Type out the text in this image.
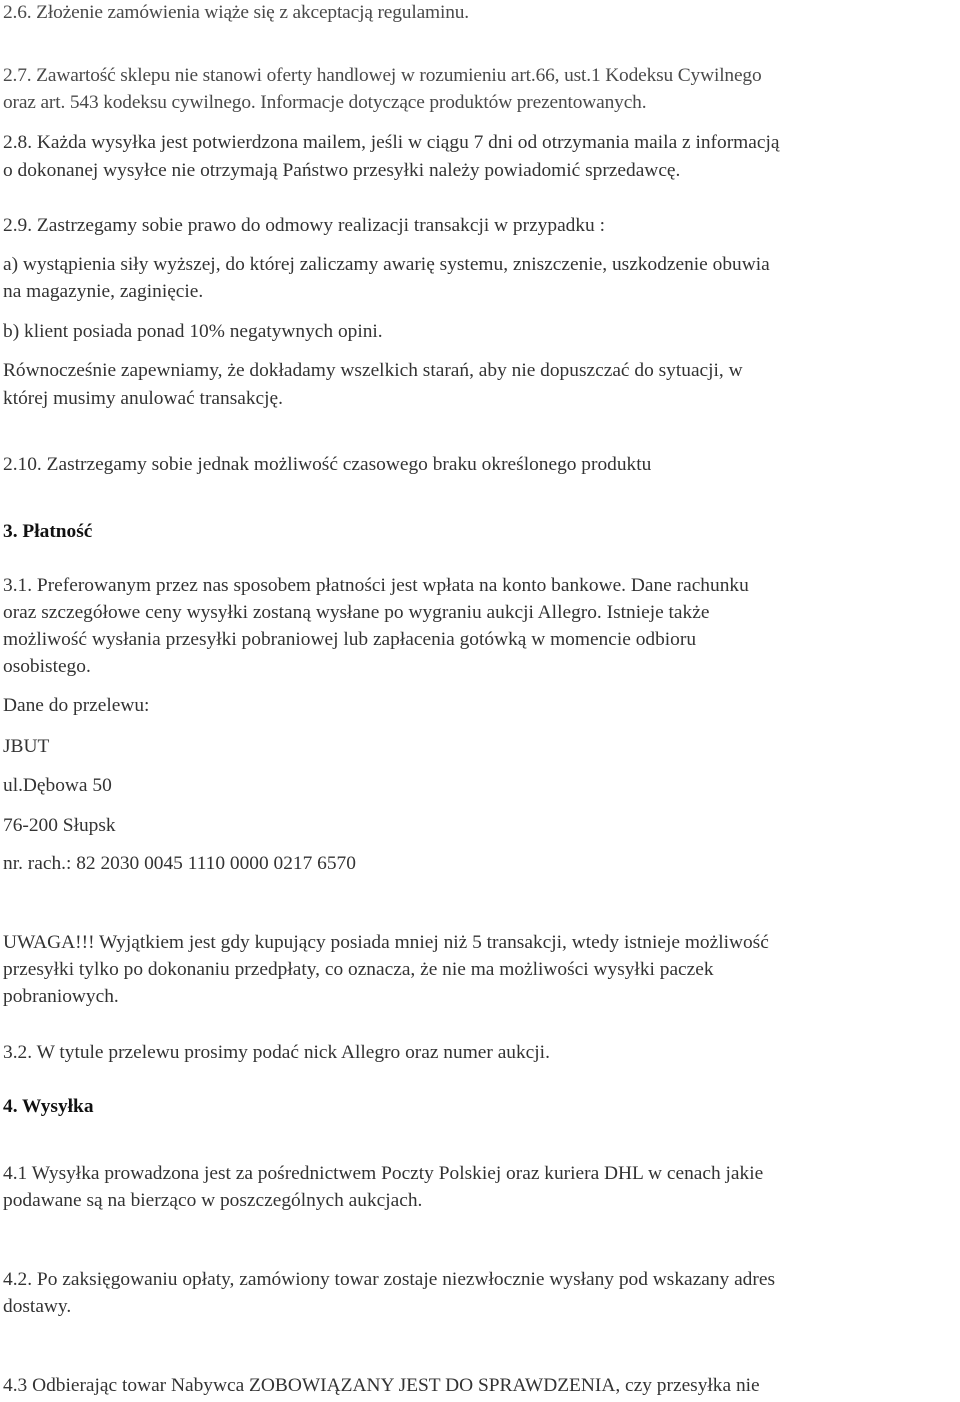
2.6. Złożenie zamówienia wiąże się z akceptacją regulaminu.
2.7. Zawartość sklepu nie stanowi oferty handlowej w rozumieniu art.66, ust.1 Kodeksu Cywilnego
oraz art. 543 kodeksu cywilnego. Informacje dotyczące produktów prezentowanych.
2.8. Każda wysyłka jest potwierdzona mailem, jeśli w ciągu 7 dni od otrzymania maila z informacją
o dokonanej wysyłce nie otrzymają Państwo przesyłki należy powiadomić sprzedawcę.
2.9. Zastrzegamy sobie prawo do odmowy realizacji transakcji w przypadku :
a) wystąpienia siły wyższej, do której zaliczamy awarię systemu, zniszczenie, uszkodzenie obuwia
na magazynie, zaginięcie.
b) klient posiada ponad 10% negatywnych opini.
Równocześnie zapewniamy, że dokładamy wszelkich starań, aby nie dopuszczać do sytuacji, w
której musimy anulować transakcję.
2.10. Zastrzegamy sobie jednak możliwość czasowego braku określonego produktu
3. Płatność
3.1. Preferowanym przez nas sposobem płatności jest wpłata na konto bankowe. Dane rachunku
oraz szczegółowe ceny wysyłki zostaną wysłane po wygraniu aukcji Allegro. Istnieje także
możliwość wysłania przesyłki pobraniowej lub zapłacenia gotówką w momencie odbioru
osobistego.
Dane do przelewu:
JBUT
ul.Dębowa 50
76-200 Słupsk
nr. rach.: 82 2030 0045 1110 0000 0217 6570
UWAGA!!! Wyjątkiem jest gdy kupujący posiada mniej niż 5 transakcji, wtedy istnieje możliwość
przesyłki tylko po dokonaniu przedpłaty, co oznacza, że nie ma możliwości wysyłki paczek
pobraniowych.
3.2. W tytule przelewu prosimy podać nick Allegro oraz numer aukcji.
4. Wysyłka
4.1 Wysyłka prowadzona jest za pośrednictwem Poczty Polskiej oraz kuriera DHL w cenach jakie
podawane są na bierząco w poszczególnych aukcjach.
4.2. Po zaksięgowaniu opłaty, zamówiony towar zostaje niezwłocznie wysłany pod wskazany adres
dostawy.
4.3 Odbierając towar Nabywca ZOBOWIĄZANY JEST DO SPRAWDZENIA, czy przesyłka nie
